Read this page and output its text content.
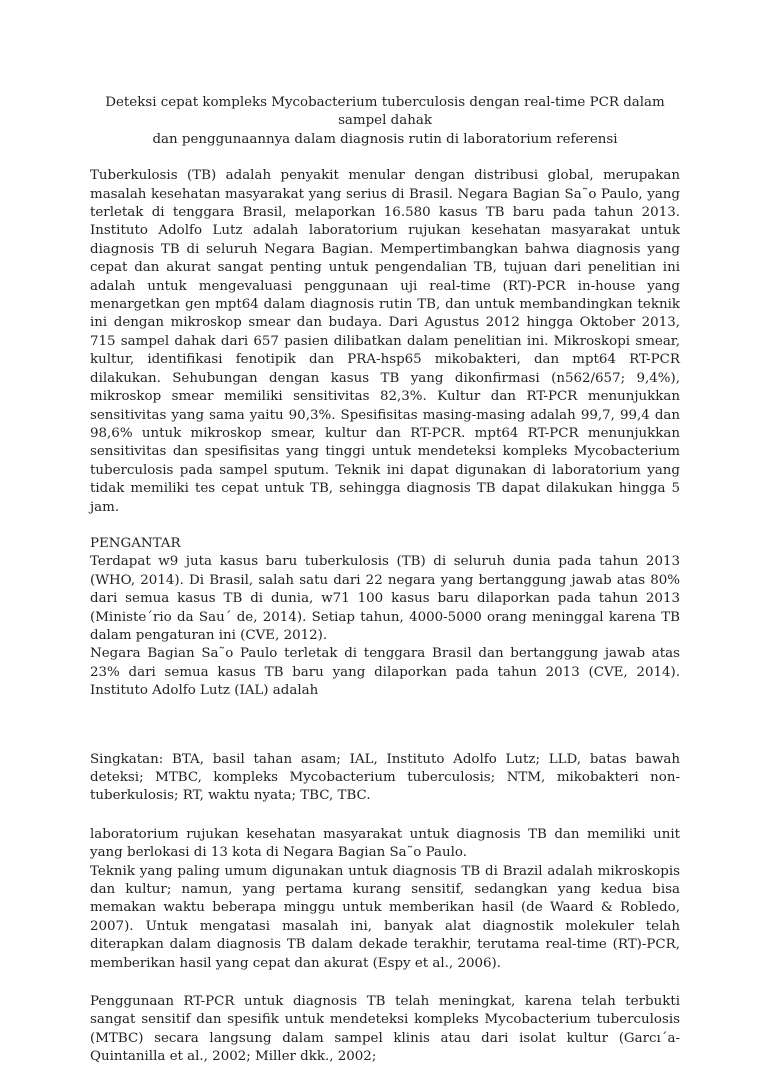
Deteksi cepat kompleks Mycobacterium tuberculosis dengan real-time PCR dalam sampel dahak
dan penggunaannya dalam diagnosis rutin di laboratorium referensi

Tuberkulosis (TB) adalah penyakit menular dengan distribusi global, merupakan masalah kesehatan masyarakat yang serius di Brasil. Negara Bagian Sa˜o Paulo, yang terletak di tenggara Brasil, melaporkan 16.580 kasus TB baru pada tahun 2013. Instituto Adolfo Lutz adalah laboratorium rujukan kesehatan masyarakat untuk diagnosis TB di seluruh Negara Bagian. Mempertimbangkan bahwa diagnosis yang cepat dan akurat sangat penting untuk pengendalian TB, tujuan dari penelitian ini adalah untuk mengevaluasi penggunaan uji real-time (RT)-PCR in-house yang menargetkan gen mpt64 dalam diagnosis rutin TB, dan untuk membandingkan teknik ini dengan mikroskop smear dan budaya. Dari Agustus 2012 hingga Oktober 2013, 715 sampel dahak dari 657 pasien dilibatkan dalam penelitian ini. Mikroskopi smear, kultur, identifikasi fenotipik dan PRA-hsp65 mikobakteri, dan mpt64 RT-PCR dilakukan. Sehubungan dengan kasus TB yang dikonfirmasi (n562/657; 9,4%), mikroskop smear memiliki sensitivitas 82,3%. Kultur dan RT-PCR menunjukkan sensitivitas yang sama yaitu 90,3%. Spesifisitas masing-masing adalah 99,7, 99,4 dan 98,6% untuk mikroskop smear, kultur dan RT-PCR. mpt64 RT-PCR menunjukkan sensitivitas dan spesifisitas yang tinggi untuk mendeteksi kompleks Mycobacterium tuberculosis pada sampel sputum. Teknik ini dapat digunakan di laboratorium yang tidak memiliki tes cepat untuk TB, sehingga diagnosis TB dapat dilakukan hingga 5 jam.

PENGANTAR

Terdapat w9 juta kasus baru tuberkulosis (TB) di seluruh dunia pada tahun 2013 (WHO, 2014). Di Brasil, salah satu dari 22 negara yang bertanggung jawab atas 80% dari semua kasus TB di dunia, w71 100 kasus baru dilaporkan pada tahun 2013 (Ministe´rio da Sau´ de, 2014). Setiap tahun, 4000-5000 orang meninggal karena TB dalam pengaturan ini (CVE, 2012).

Negara Bagian Sa˜o Paulo terletak di tenggara Brasil dan bertanggung jawab atas 23% dari semua kasus TB baru yang dilaporkan pada tahun 2013 (CVE, 2014). Instituto Adolfo Lutz (IAL) adalah

Singkatan: BTA, basil tahan asam; IAL, Instituto Adolfo Lutz; LLD, batas bawah deteksi; MTBC, kompleks Mycobacterium tuberculosis; NTM, mikobakteri non-tuberkulosis; RT, waktu nyata; TBC, TBC.

laboratorium rujukan kesehatan masyarakat untuk diagnosis TB dan memiliki unit yang berlokasi di 13 kota di Negara Bagian Sa˜o Paulo.

Teknik yang paling umum digunakan untuk diagnosis TB di Brazil adalah mikroskopis dan kultur; namun, yang pertama kurang sensitif, sedangkan yang kedua bisa memakan waktu beberapa minggu untuk memberikan hasil (de Waard & Robledo, 2007). Untuk mengatasi masalah ini, banyak alat diagnostik molekuler telah diterapkan dalam diagnosis TB dalam dekade terakhir, terutama real-time (RT)-PCR, memberikan hasil yang cepat dan akurat (Espy et al., 2006).

Penggunaan RT-PCR untuk diagnosis TB telah meningkat, karena telah terbukti sangat sensitif dan spesifik untuk mendeteksi kompleks Mycobacterium tuberculosis (MTBC) secara langsung dalam sampel klinis atau dari isolat kultur (Garcı´a-Quintanilla et al., 2002; Miller dkk., 2002;
